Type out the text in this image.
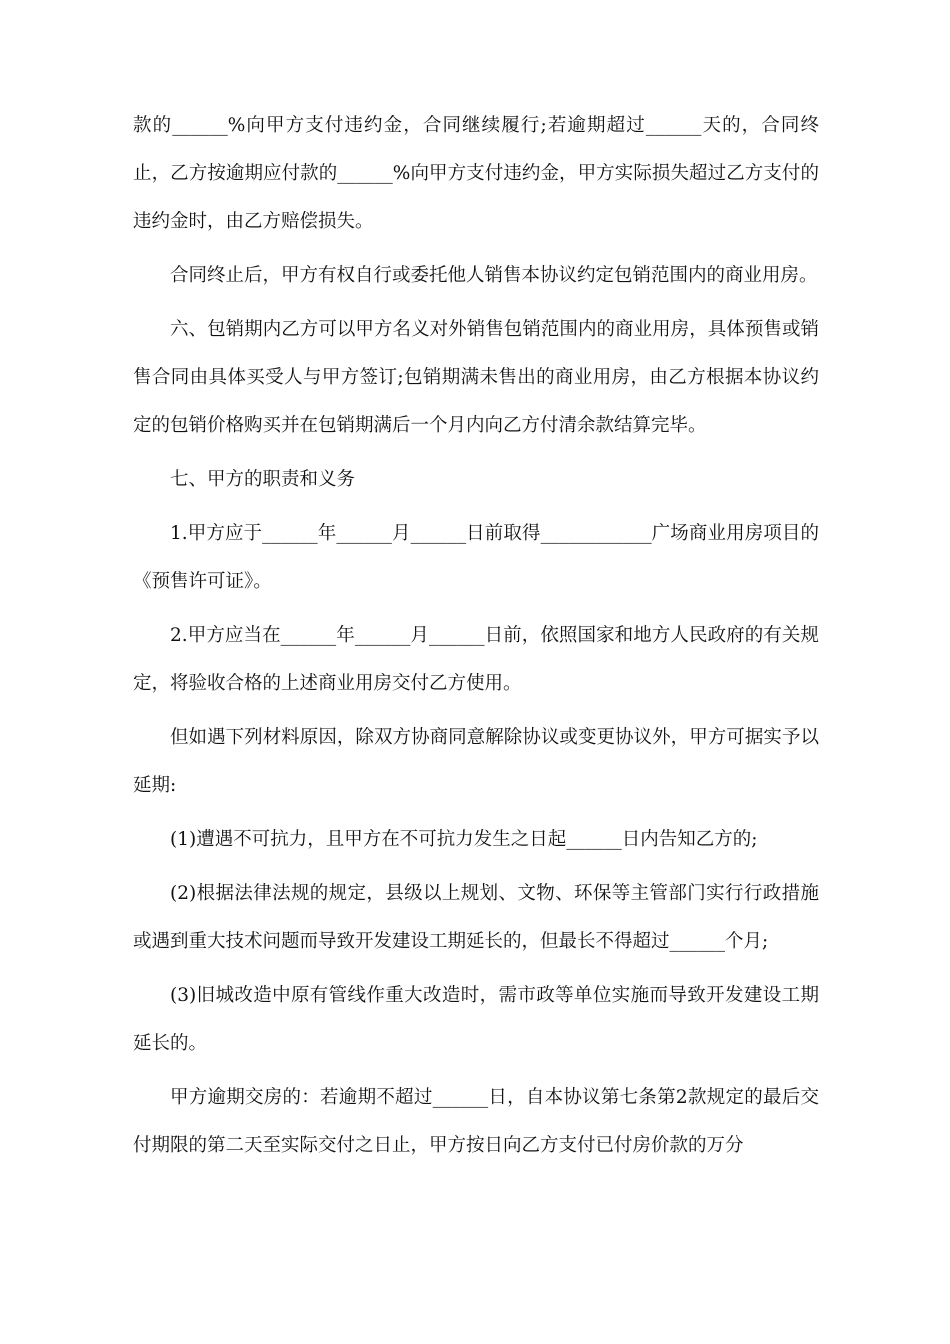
款的______%向甲方支付违约金，合同继续履行;若逾期超过______天的，合同终止，乙方按逾期应付款的______%向甲方支付违约金，甲方实际损失超过乙方支付的违约金时，由乙方赔偿损失。

合同终止后，甲方有权自行或委托他人销售本协议约定包销范围内的商业用房。

六、包销期内乙方可以甲方名义对外销售包销范围内的商业用房，具体预售或销售合同由具体买受人与甲方签订;包销期满未售出的商业用房，由乙方根据本协议约定的包销价格购买并在包销期满后一个月内向乙方付清余款结算完毕。

七、甲方的职责和义务

1.甲方应于______年______月______日前取得____________广场商业用房项目的《预售许可证》。

2.甲方应当在______年______月______日前，依照国家和地方人民政府的有关规定，将验收合格的上述商业用房交付乙方使用。

但如遇下列材料原因，除双方协商同意解除协议或变更协议外，甲方可据实予以延期:

(1)遭遇不可抗力，且甲方在不可抗力发生之日起______日内告知乙方的;

(2)根据法律法规的规定，县级以上规划、文物、环保等主管部门实行行政措施或遇到重大技术问题而导致开发建设工期延长的，但最长不得超过______个月;

(3)旧城改造中原有管线作重大改造时，需市政等单位实施而导致开发建设工期延长的。

甲方逾期交房的：若逾期不超过______日，自本协议第七条第2款规定的最后交付期限的第二天至实际交付之日止，甲方按日向乙方支付已付房价款的万分
